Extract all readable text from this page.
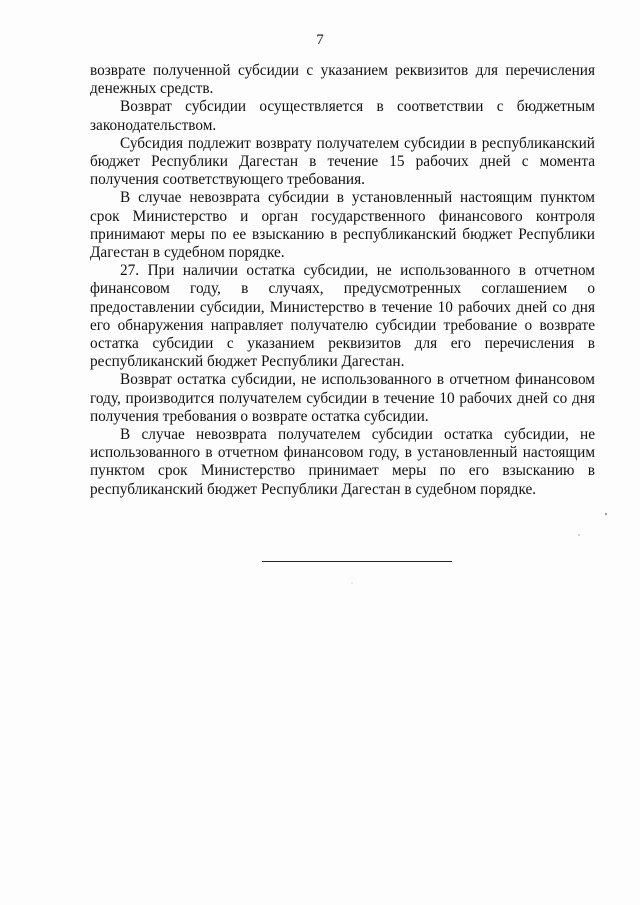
7

возврате полученной субсидии с указанием реквизитов для перечисления денежных средств.

Возврат субсидии осуществляется в соответствии с бюджетным законодательством.

Субсидия подлежит возврату получателем субсидии в республиканский бюджет Республики Дагестан в течение 15 рабочих дней с момента получения соответствующего требования.

В случае невозврата субсидии в установленный настоящим пунктом срок Министерство и орган государственного финансового контроля принимают меры по ее взысканию в республиканский бюджет Республики Дагестан в судебном порядке.

27. При наличии остатка субсидии, не использованного в отчетном финансовом году, в случаях, предусмотренных соглашением о предоставлении субсидии, Министерство в течение 10 рабочих дней со дня его обнаружения направляет получателю субсидии требование о возврате остатка субсидии с указанием реквизитов для его перечисления в республиканский бюджет Республики Дагестан.

Возврат остатка субсидии, не использованного в отчетном финансовом году, производится получателем субсидии в течение 10 рабочих дней со дня получения требования о возврате остатка субсидии.

В случае невозврата получателем субсидии остатка субсидии, не использованного в отчетном финансовом году, в установленный настоящим пунктом срок Министерство принимает меры по его взысканию в республиканский бюджет Республики Дагестан в судебном порядке.
